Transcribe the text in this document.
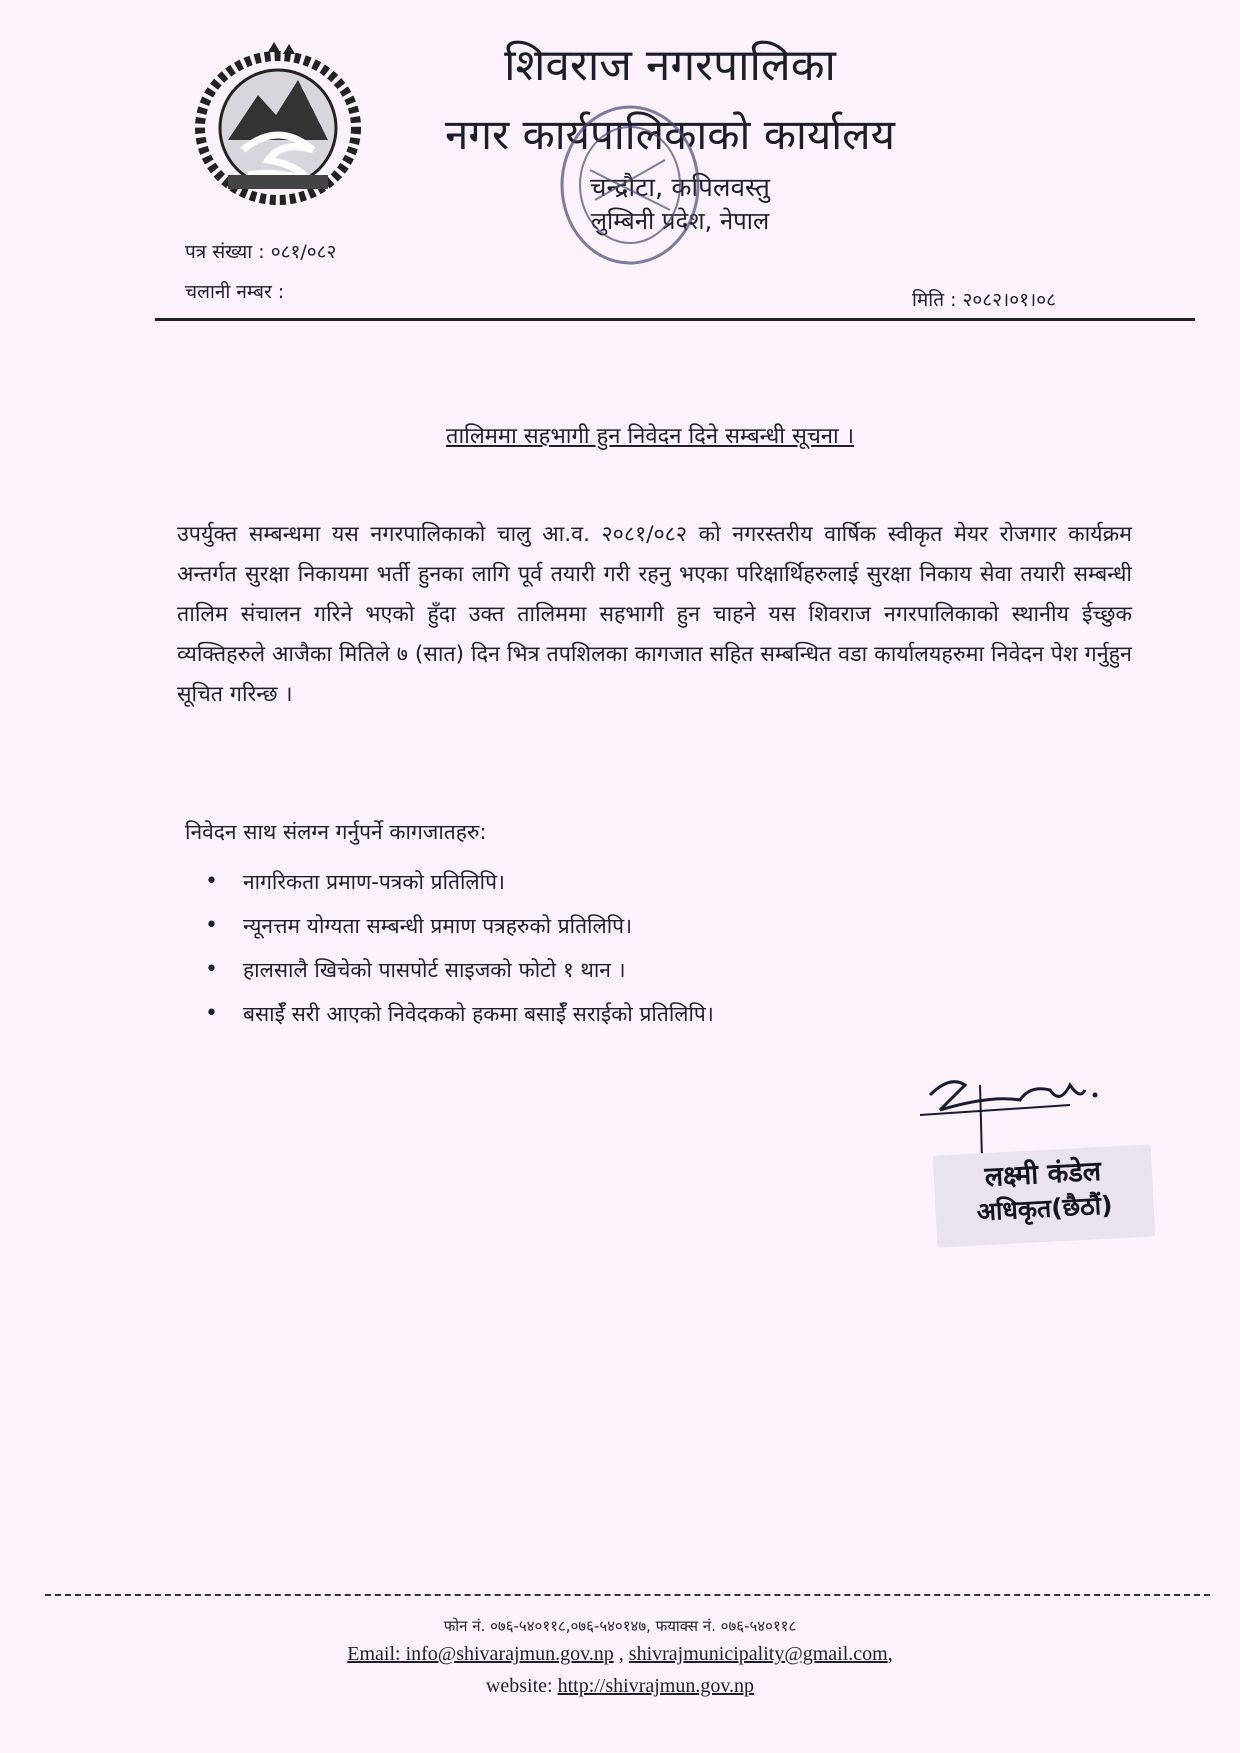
शिवराज नगरपालिका
नगर कार्यपालिकाको कार्यालय
चन्द्रौटा, कपिलवस्तु
लुम्बिनी प्रदेश, नेपाल
पत्र संख्या : ०८१/०८२
चलानी नम्बर :	मिति : २०८२।०१।०८
तालिममा सहभागी हुन निवेदन दिने सम्बन्धी सूचना ।
उपर्युक्त सम्बन्धमा यस नगरपालिकाको चालु आ.व. २०८१/०८२ को नगरस्तरीय वार्षिक स्वीकृत मेयर रोजगार कार्यक्रम अन्तर्गत सुरक्षा निकायमा भर्ती हुनका लागि पूर्व तयारी गरी रहनु भएका परिक्षार्थिहरुलाई सुरक्षा निकाय सेवा तयारी सम्बन्धी तालिम संचालन गरिने भएको हुँदा उक्त तालिममा सहभागी हुन चाहने यस शिवराज नगरपालिकाको स्थानीय ईच्छुक व्यक्तिहरुले आजैका मितिले ७ (सात) दिन भित्र तपशिलका कागजात सहित सम्बन्धित वडा कार्यालयहरुमा निवेदन पेश गर्नुहुन सूचित गरिन्छ ।
निवेदन साथ संलग्न गर्नुपर्ने कागजातहरु:
• नागरिकता प्रमाण-पत्रको प्रतिलिपि।
• न्यूनत्तम योग्यता सम्बन्धी प्रमाण पत्रहरुको प्रतिलिपि।
• हालसालै खिचेको पासपोर्ट साइजको फोटो १ थान ।
• बसाईँ सरी आएको निवेदकको हकमा बसाईँ सराईको प्रतिलिपि।
लक्ष्मी कंडेल
अधिकृत(छैठौं)
फोन नं. ०७६-५४०११८,०७६-५४०१४७, फयाक्स नं. ०७६-५४०११८
Email: info@shivarajmun.gov.np , shivrajmunicipality@gmail.com,
website: http://shivrajmun.gov.np
